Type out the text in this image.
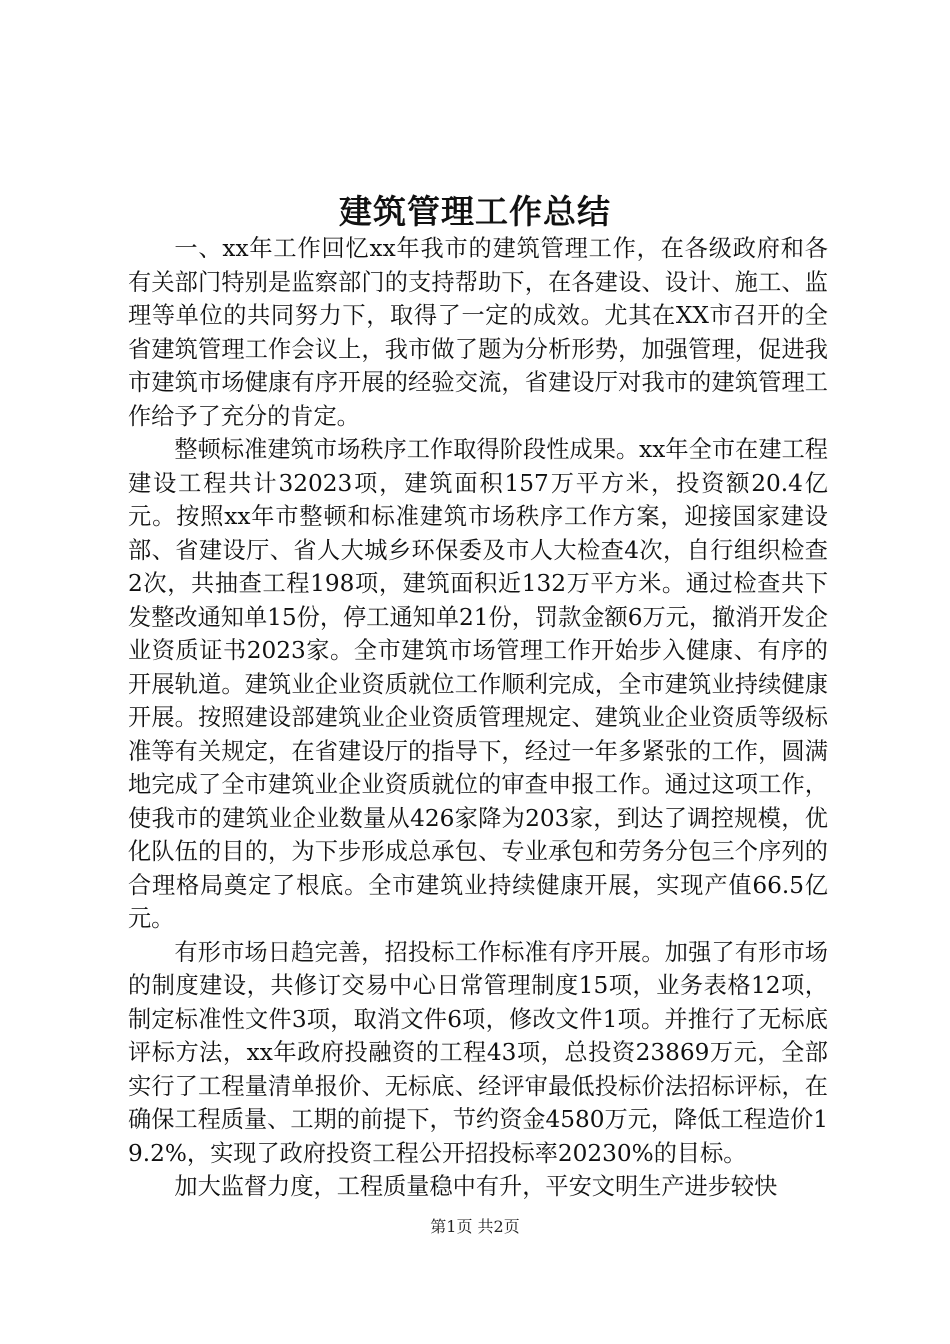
建筑管理工作总结

一、xx年工作回忆xx年我市的建筑管理工作，在各级政府和各有关部门特别是监察部门的支持帮助下，在各建设、设计、施工、监理等单位的共同努力下，取得了一定的成效。尤其在XX市召开的全省建筑管理工作会议上，我市做了题为分析形势，加强管理，促进我市建筑市场健康有序开展的经验交流，省建设厅对我市的建筑管理工作给予了充分的肯定。

整顿标准建筑市场秩序工作取得阶段性成果。xx年全市在建工程建设工程共计32023项，建筑面积157万平方米，投资额20.4亿元。按照xx年市整顿和标准建筑市场秩序工作方案，迎接国家建设部、省建设厅、省人大城乡环保委及市人大检查4次，自行组织检查2次，共抽查工程198项，建筑面积近132万平方米。通过检查共下发整改通知单15份，停工通知单21份，罚款金额6万元，撤消开发企业资质证书2023家。全市建筑市场管理工作开始步入健康、有序的开展轨道。建筑业企业资质就位工作顺利完成，全市建筑业持续健康开展。按照建设部建筑业企业资质管理规定、建筑业企业资质等级标准等有关规定，在省建设厅的指导下，经过一年多紧张的工作，圆满地完成了全市建筑业企业资质就位的审查申报工作。通过这项工作，使我市的建筑业企业数量从426家降为203家，到达了调控规模，优化队伍的目的，为下步形成总承包、专业承包和劳务分包三个序列的合理格局奠定了根底。全市建筑业持续健康开展，实现产值66.5亿元。

有形市场日趋完善，招投标工作标准有序开展。加强了有形市场的制度建设，共修订交易中心日常管理制度15项，业务表格12项，制定标准性文件3项，取消文件6项，修改文件1项。并推行了无标底评标方法，xx年政府投融资的工程43项，总投资23869万元，全部实行了工程量清单报价、无标底、经评审最低投标价法招标评标，在确保工程质量、工期的前提下，节约资金4580万元，降低工程造价19.2%，实现了政府投资工程公开招投标率20230%的目标。

加大监督力度，工程质量稳中有升，平安文明生产进步较快

第1页 共2页
